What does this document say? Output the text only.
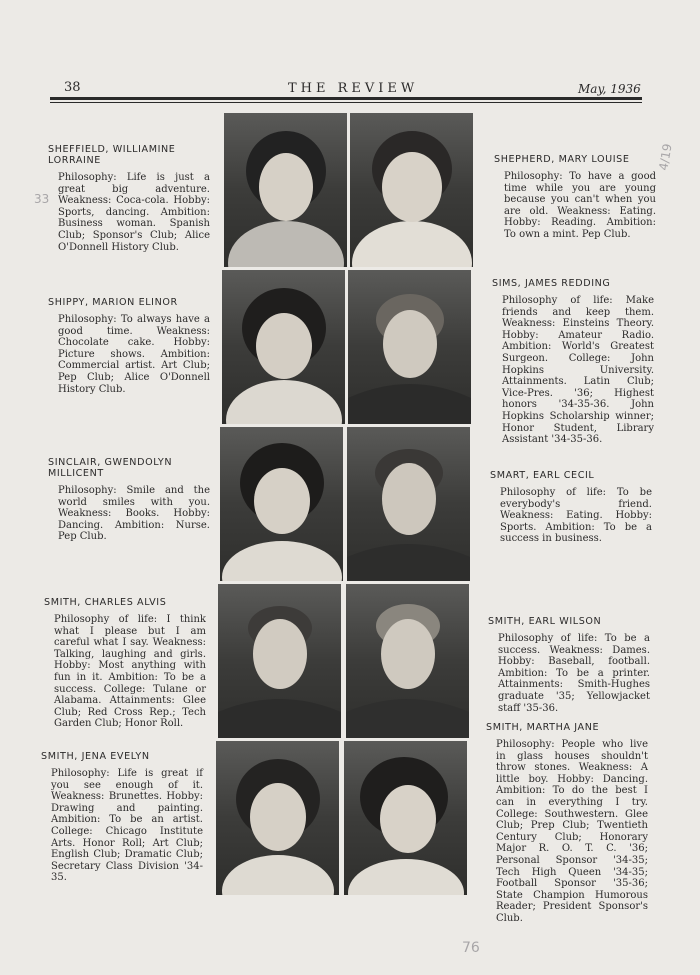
38	THE REVIEW	May, 1936
33
4/19
76
SHEFFIELD, WILLIAMINE LORRAINE
Philosophy: Life is just a great big adventure. Weakness: Coca-cola. Hobby: Sports, dancing. Ambition: Business woman. Spanish Club; Sponsor's Club; Alice O'Donnell History Club.
SHIPPY, MARION ELINOR
Philosophy: To always have a good time. Weakness: Chocolate cake. Hobby: Picture shows. Ambition: Commercial artist. Art Club; Pep Club; Alice O'Donnell History Club.
SINCLAIR, GWENDOLYN MILLICENT
Philosophy: Smile and the world smiles with you. Weakness: Books. Hobby: Dancing. Ambition: Nurse. Pep Club.
SMITH, CHARLES ALVIS
Philosophy of life: I think what I please but I am careful what I say. Weakness: Talking, laughing and girls. Hobby: Most anything with fun in it. Ambition: To be a success. College: Tulane or Alabama. Attainments: Glee Club; Red Cross Rep.; Tech Garden Club; Honor Roll.
SMITH, JENA EVELYN
Philosophy: Life is great if you see enough of it. Weakness: Brunettes. Hobby: Drawing and painting. Ambition: To be an artist. College: Chicago Institute Arts. Honor Roll; Art Club; English Club; Dramatic Club; Secretary Class Division '34-35.
SHEPHERD, MARY LOUISE
Philosophy: To have a good time while you are young because you can't when you are old. Weakness: Eating. Hobby: Reading. Ambition: To own a mint. Pep Club.
SIMS, JAMES REDDING
Philosophy of life: Make friends and keep them. Weakness: Einsteins Theory. Hobby: Amateur Radio. Ambition: World's Greatest Surgeon. College: John Hopkins University. Attainments. Latin Club; Vice-Pres. '36; Highest honors '34-35-36. John Hopkins Scholarship winner; Honor Student, Library Assistant '34-35-36.
SMART, EARL CECIL
Philosophy of life: To be everybody's friend. Weakness: Eating. Hobby: Sports. Ambition: To be a success in business.
SMITH, EARL WILSON
Philosophy of life: To be a success. Weakness: Dames. Hobby: Baseball, football. Ambition: To be a printer. Attainments: Smith-Hughes graduate '35; Yellowjacket staff '35-36.
SMITH, MARTHA JANE
Philosophy: People who live in glass houses shouldn't throw stones. Weakness: A little boy. Hobby: Dancing. Ambition: To do the best I can in everything I try. College: Southwestern. Glee Club; Prep Club; Twentieth Century Club; Honorary Major R. O. T. C. '36; Personal Sponsor '34-35; Tech High Queen '34-35; Football Sponsor '35-36; State Champion Humorous Reader; President Sponsor's Club.
